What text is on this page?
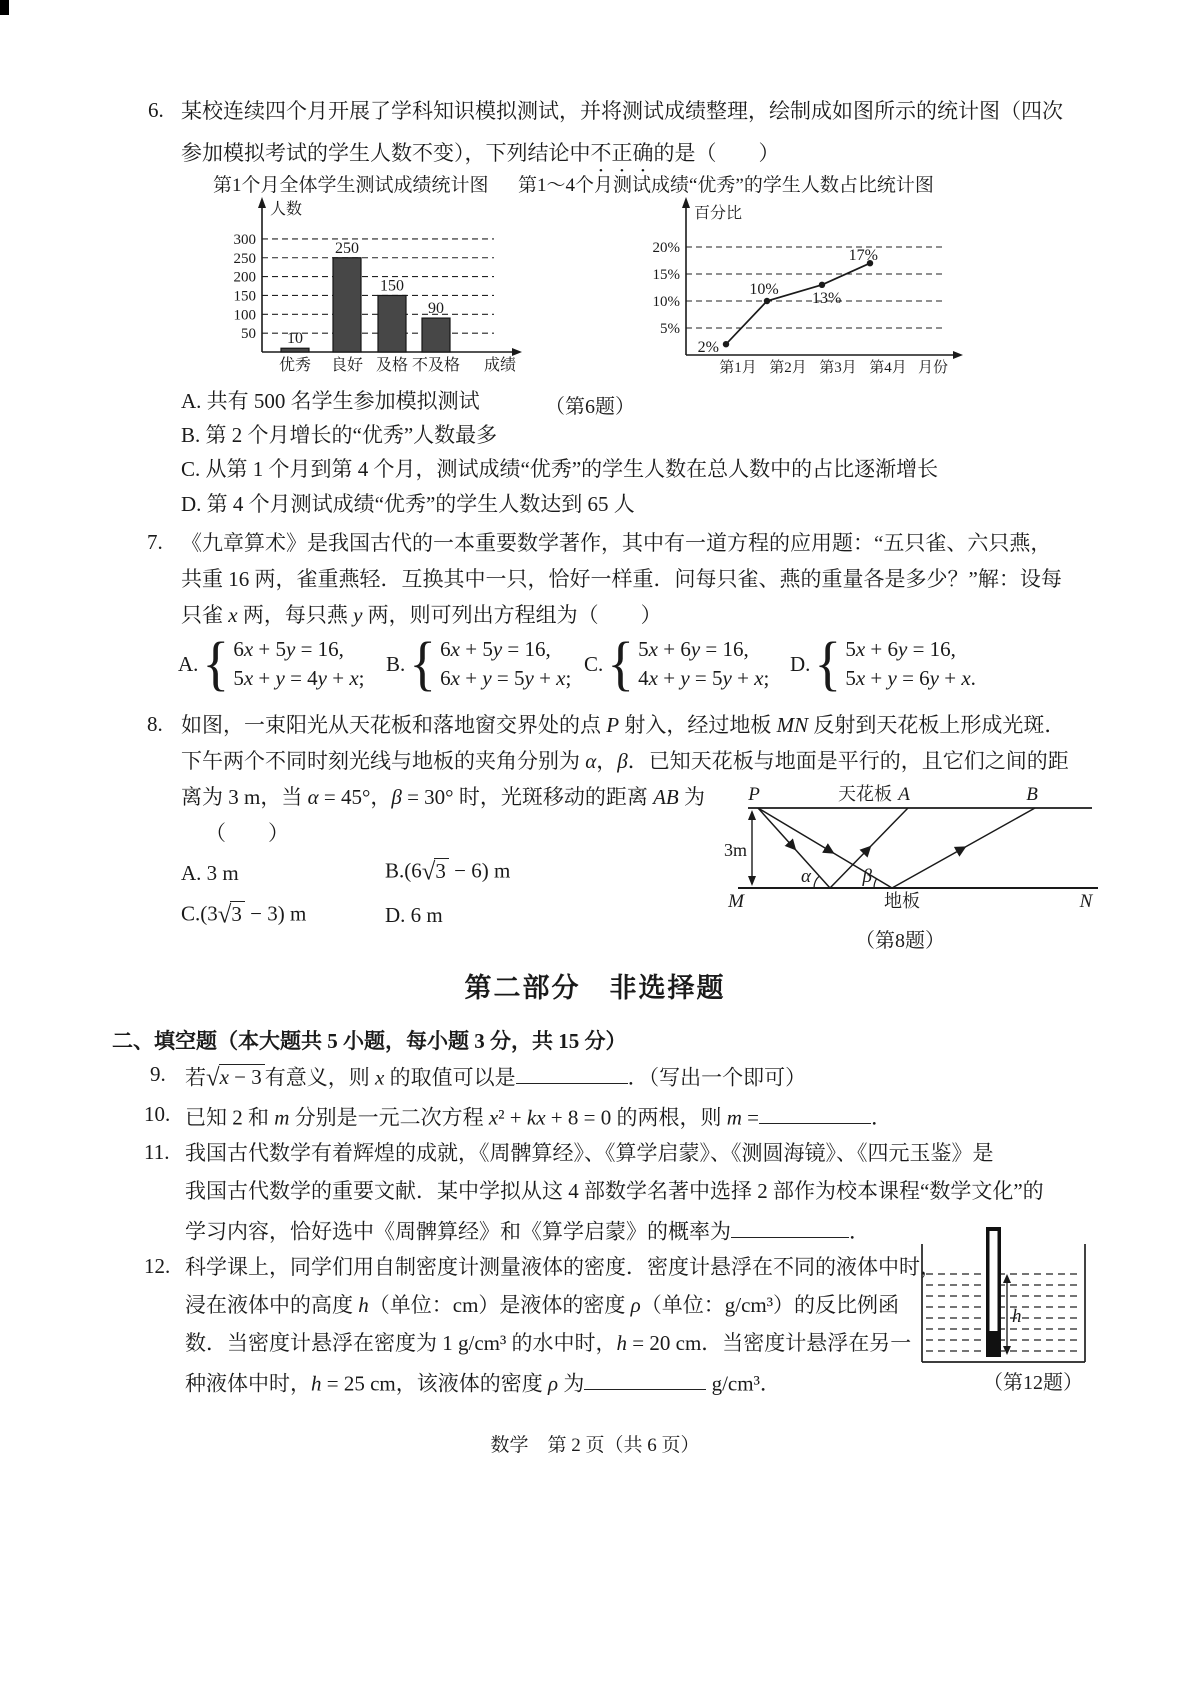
6. 某校连续四个月开展了学科知识模拟测试，并将测试成绩整理，绘制成如图所示的统计图（四次
参加模拟考试的学生人数不变），下列结论中不正确的是（　　）
第1个月全体学生测试成绩统计图 第1～4个月测试成绩“优秀”的学生人数占比统计图
50
100
150
200
250
300
10
优秀
250
良好
150
及格
90
不及格
人数
成绩
5%
10%
15%
20%
2%
第1月
10%
第2月
13%
第3月
17%
第4月
百分比
月份
A. 共有 500 名学生参加模拟测试	（第6题）
B. 第 2 个月增长的“优秀”人数最多
C. 从第 1 个月到第 4 个月，测试成绩“优秀”的学生人数在总人数中的占比逐渐增长
D. 第 4 个月测试成绩“优秀”的学生人数达到 65 人
7. 《九章算术》是我国古代的一本重要数学著作，其中有一道方程的应用题：“五只雀、六只燕，
共重 16 两，雀重燕轻．互换其中一只，恰好一样重．问每只雀、燕的重量各是多少？”解：设每
只雀 x 两，每只燕 y 两，则可列出方程组为（　　）
A. { 6x + 5y = 16,
5x + y = 4y + x;
B. { 6x + 5y = 16,
6x + y = 5y + x;
C. { 5x + 6y = 16,
4x + y = 5y + x;
D. { 5x + 6y = 16,
5x + y = 6y + x.
8. 如图，一束阳光从天花板和落地窗交界处的点 P 射入，经过地板 MN 反射到天花板上形成光斑．
下午两个不同时刻光线与地板的夹角分别为 α，β．已知天花板与地面是平行的，且它们之间的距
离为 3 m，当 α = 45°，β = 30° 时，光斑移动的距离 AB 为
（　　）
A. 3 m	B.(6√3 − 6) m
C.(3√3 − 3) m	D. 6 m
P	天花板 A	B
3m
α	β
M	地板	N
（第8题）
第二部分　非选择题
二、填空题（本大题共 5 小题，每小题 3 分，共 15 分）
9. 若√x − 3 有意义，则 x 的取值可以是	．（写出一个即可）
10. 已知 2 和 m 分别是一元二次方程 x² + kx + 8 = 0 的两根，则 m =	．
11. 我国古代数学有着辉煌的成就，《周髀算经》、《算学启蒙》、《测圆海镜》、《四元玉鉴》是
我国古代数学的重要文献．某中学拟从这 4 部数学名著中选择 2 部作为校本课程“数学文化”的
学习内容，恰好选中《周髀算经》和《算学启蒙》的概率为	．
12. 科学课上，同学们用自制密度计测量液体的密度．密度计悬浮在不同的液体中时，
浸在液体中的高度 h（单位：cm）是液体的密度 ρ（单位：g/cm³）的反比例函
数．当密度计悬浮在密度为 1 g/cm³ 的水中时，h = 20 cm．当密度计悬浮在另一
种液体中时，h = 25 cm，该液体的密度 ρ 为	g/cm³．
h
（第12题）
数学　第 2 页（共 6 页）
